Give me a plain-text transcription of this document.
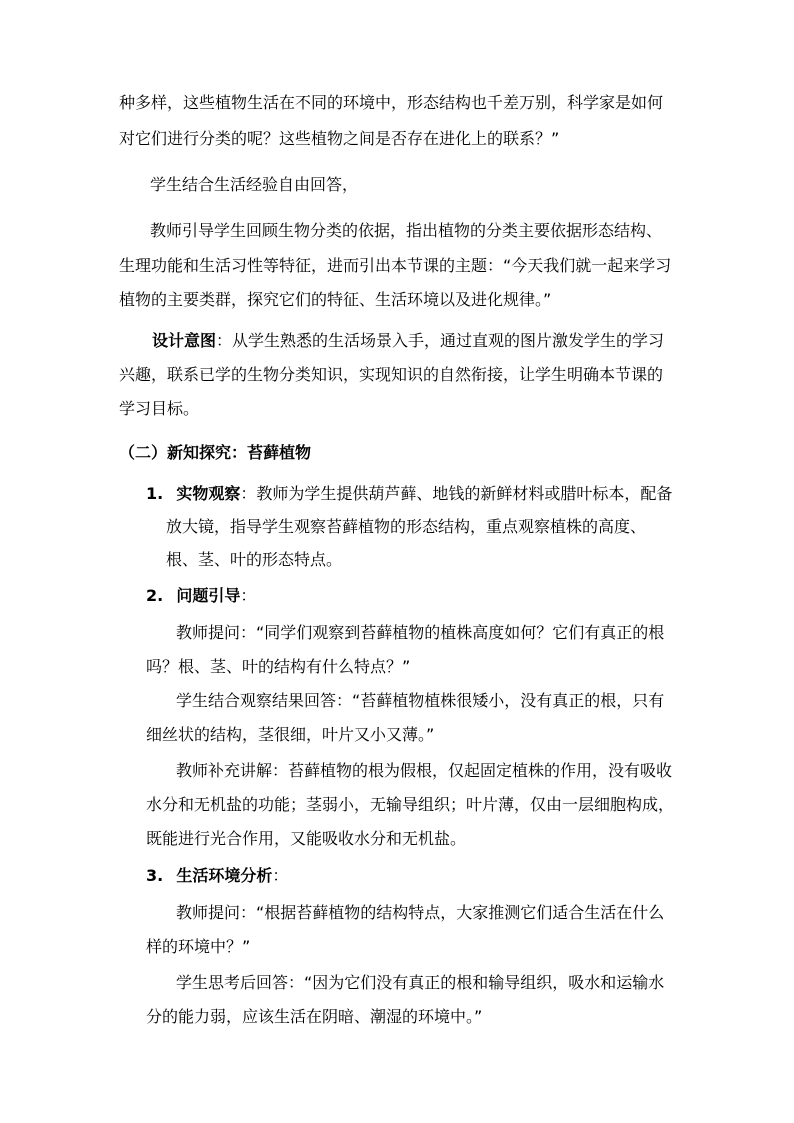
种多样，这些植物生活在不同的环境中，形态结构也千差万别，科学家是如何
对它们进行分类的呢？这些植物之间是否存在进化上的联系？”
学生结合生活经验自由回答，
教师引导学生回顾生物分类的依据，指出植物的分类主要依据形态结构、
生理功能和生活习性等特征，进而引出本节课的主题：“今天我们就一起来学习
植物的主要类群，探究它们的特征、生活环境以及进化规律。”
设计意图：从学生熟悉的生活场景入手，通过直观的图片激发学生的学习
兴趣，联系已学的生物分类知识，实现知识的自然衔接，让学生明确本节课的
学习目标。
（二）新知探究：苔藓植物
1. 实物观察：教师为学生提供葫芦藓、地钱的新鲜材料或腊叶标本，配备
放大镜，指导学生观察苔藓植物的形态结构，重点观察植株的高度、
根、茎、叶的形态特点。
2. 问题引导：
教师提问：“同学们观察到苔藓植物的植株高度如何？它们有真正的根
吗？根、茎、叶的结构有什么特点？”
学生结合观察结果回答：“苔藓植物植株很矮小，没有真正的根，只有
细丝状的结构，茎很细，叶片又小又薄。”
教师补充讲解：苔藓植物的根为假根，仅起固定植株的作用，没有吸收
水分和无机盐的功能；茎弱小，无输导组织；叶片薄，仅由一层细胞构成，
既能进行光合作用，又能吸收水分和无机盐。
3. 生活环境分析：
教师提问：“根据苔藓植物的结构特点，大家推测它们适合生活在什么
样的环境中？”
学生思考后回答：“因为它们没有真正的根和输导组织，吸水和运输水
分的能力弱，应该生活在阴暗、潮湿的环境中。”
